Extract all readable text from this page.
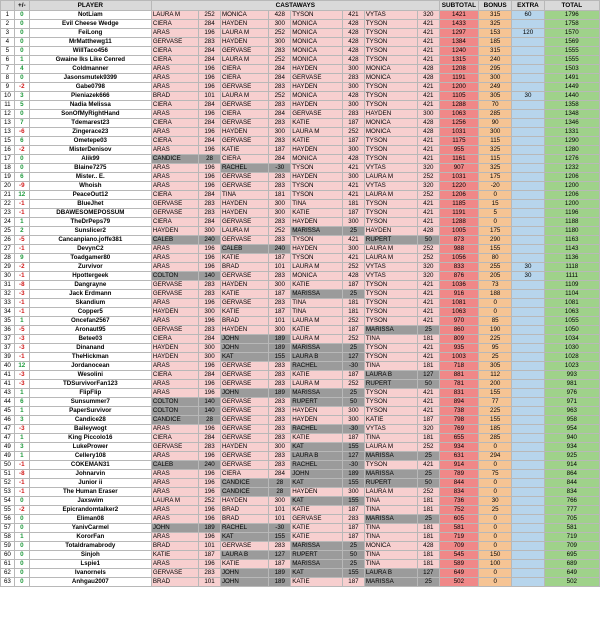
	+/-	PLAYER	CASTAWAYS								SUBTOTAL	BONUS	EXTRA	TOTAL
1	0	NotLiam	LAURA M	252	MONICA	428	TYSON	421	VYTAS	320	1421	315	60	1796
2	0	Evil Cheese Wedge	CIERA	284	HAYDEN	300	MONICA	428	TYSON	421	1433	325		1758
3	0	FeiLong	ARAS	196	LAURA M	252	MONICA	428	TYSON	421	1297	153	120	1570
4	0	MrMatthewg11	GERVASE	283	HAYDEN	300	MONICA	428	TYSON	421	1384	185		1569
5	0	WillTaco456	CIERA	284	GERVASE	283	MONICA	428	TYSON	421	1240	315		1555
6	1	Gwaine Iks Like Cenred	CIERA	284	LAURA M	252	MONICA	428	TYSON	421	1315	240		1555
7	4	Coldmanner	ARAS	196	CIERA	284	HAYDEN	300	MONICA	428	1208	295		1503
8	0	Jasonsmutek9399	ARAS	196	CIERA	284	GERVASE	283	MONICA	428	1191	300		1491
9	-2	Gabe0798	ARAS	196	GERVASE	283	HAYDEN	300	TYSON	421	1200	249		1449
10	3	Pieniazek666	BRAD	101	LAURA M	252	MONICA	428	TYSON	421	1105	305	30	1440
11	5	Nadia Melissa	CIERA	284	GERVASE	283	HAYDEN	300	TYSON	421	1288	70		1358
12	0	SonOfMyRightHand	ARAS	196	CIERA	284	GERVASE	283	HAYDEN	300	1063	285		1348
13	7	Tdemarest23	CIERA	284	GERVASE	283	KATIE	187	MONICA	428	1256	90		1346
13	-6	Zingerace23	ARAS	196	HAYDEN	300	LAURA M	252	MONICA	428	1031	300		1331
15	6	Ometepe03	CIERA	284	GERVASE	283	KATIE	187	TYSON	421	1175	115		1290
16	-2	MisterDenisov	ARAS	196	KATIE	187	HAYDEN	300	TYSON	421	955	325		1280
17	0	Alik99	CANDICE	28	CIERA	284	MONICA	428	TYSON	421	1161	115		1276
18	0	Blaine7275	ARAS	196	RACHEL	-30	TYSON	421	VYTAS	320	907	325		1232
19	6	Mister.. E.	ARAS	196	GERVASE	283	HAYDEN	300	LAURA M	252	1031	175		1206
20	-9	Whoish	ARAS	196	GERVASE	283	TYSON	421	VYTAS	320	1220	-20		1200
21	12	PeaceOut12	CIERA	284	TINA	181	TYSON	421	LAURA M	252	1206	0		1206
22	-1	BlueJhet	GERVASE	283	HAYDEN	300	TINA	181	TYSON	421	1185	15		1200
23	-1	DBAWESOMEPOSSUM	GERVASE	283	HAYDEN	300	KATIE	187	TYSON	421	1191	5		1196
24	1	TheDrPeps79	CIERA	284	GERVASE	283	HAYDEN	300	TYSON	421	1288	0		1188
25	2	Sunslicer2	HAYDEN	300	LAURA M	252	MARISSA	25	HAYDEN	428	1005	175		1180
26	-5	Cancanpiano.joffe381	CALEB	240	GERVASE	283	TYSON	421	RUPERT	50	873	290		1163
27	-1	DevynC2	ARAS	196	CALEB	240	HAYDEN	300	LAURA M	252	988	155		1143
28	9	Toadgamer80	ARAS	196	KATIE	187	TYSON	421	LAURA M	252	1056	80		1136
29	-2	Zurvivor	ARAS	196	BRAD	101	LAURA M	252	VYTAS	320	833	255	30	1118
30	-1	Hpottergeek	COLTON	140	GERVASE	283	MONICA	428	VYTAS	320	876	205	30	1111
31	-8	Dangrayne	GERVASE	283	HAYDEN	300	KATIE	187	TYSON	421	1036	73		1109
32	-3	Jack Erdmann	GERVASE	283	KATIE	187	MARISSA	25	TYSON	421	916	188		1104
33	-1	Skandium	ARAS	196	GERVASE	283	TINA	181	TYSON	421	1081	0		1081
34	-1	Copper5	HAYDEN	300	KATIE	187	TINA	181	TYSON	421	1063	0		1063
35	1	Oncefan2567	ARAS	196	BRAD	101	LAURA M	252	TYSON	421	970	85		1055
36	-5	Aronaut95	GERVASE	283	HAYDEN	300	KATIE	187	MARISSA	25	860	190		1050
37	-3	Betee03	CIERA	284	JOHN	189	LAURA M	252	TINA	181	809	225		1034
37	-3	Dinanand	HAYDEN	300	JOHN	189	MARISSA	25	TYSON	421	935	95		1030
39	-1	TheHickman	HAYDEN	300	KAT	155	LAURA B	127	TYSON	421	1003	25		1028
40	12	Jordanocean	ARAS	196	GERVASE	283	RACHEL	-30	TINA	181	718	305		1023
41	-3	Wesolini	CIERA	284	GERVASE	283	KATIE	187	LAURA B	127	881	112		993
41	-3	TDSurvivorFan123	ARAS	196	GERVASE	283	LAURA M	252	RUPERT	50	781	200		981
43	1	FlipFlip	ARAS	196	JOHN	189	MARISSA	25	TYSON	421	831	155		976
44	6	Sunsummer7	COLTON	140	GERVASE	283	RUPERT	50	TYSON	421	894	77		971
45	1	PaperSurvivor	COLTON	140	GERVASE	283	HAYDEN	300	TYSON	421	738	225		963
46	3	Candice28	CANDICE	28	GERVASE	283	HAYDEN	300	KATIE	187	798	155		958
47	-3	Baileywogt	ARAS	196	GERVASE	283	RACHEL	-30	VYTAS	320	769	185		954
47	1	King Piccolo16	CIERA	284	GERVASE	283	KATIE	187	TINA	181	655	285		940
49	3	LukePrower	GERVASE	283	HAYDEN	300	KAT	155	LAURA M	252	934	0		934
49	1	Cellery108	ARAS	196	GERVASE	283	LAURA B	127	MARISSA	25	631	294		925
50	-1	COKEMAN31	CALEB	240	GERVASE	283	RACHEL	-30	TYSON	421	914	0		914
51	-8	Johnarvin	ARAS	196	CIERA	284	JOHN	189	MARISSA	25	789	75		864
52	-1	Junior ii	ARAS	196	CANDICE	28	KAT	155	RUPERT	50	844	0		844
53	-1	The Human Eraser	ARAS	196	CANDICE	28	HAYDEN	300	LAURA M	252	834	0		834
54	0	Jaxswim	LAURA M	252	HAYDEN	300	KAT	155	TINA	181	736	30		766
55	-2	Epicrandomtalker2	ARAS	196	BRAD	101	KATIE	187	TINA	181	752	25		777
56	0	Eliman08	ARAS	196	BRAD	101	GERVASE	283	MARISSA	25	605	0		705
57	0	YanivCarmel	JOHN	189	RACHEL	-30	KATIE	187	TINA	181	581	0		581
58	1	KororFan	ARAS	196	KAT	155	KATIE	187	TINA	181	719	0		719
59	0	Totaldramabrody	BRAD	101	GERVASE	283	MARISSA	25	MONICA	428	709	0		709
60	0	Sinjoh	KATIE	187	LAURA B	127	RUPERT	50	TINA	181	545	150		695
61	0	Lspie1	ARAS	196	KATIE	187	MARISSA	25	TINA	181	589	100		689
62	0	Ivanornels	GERVASE	283	JOHN	189	KAT	155	LAURA B	127	649	0		649
63	0	Anhgau2007	BRAD	101	JOHN	189	KATIE	187	MARISSA	25	502	0		502
